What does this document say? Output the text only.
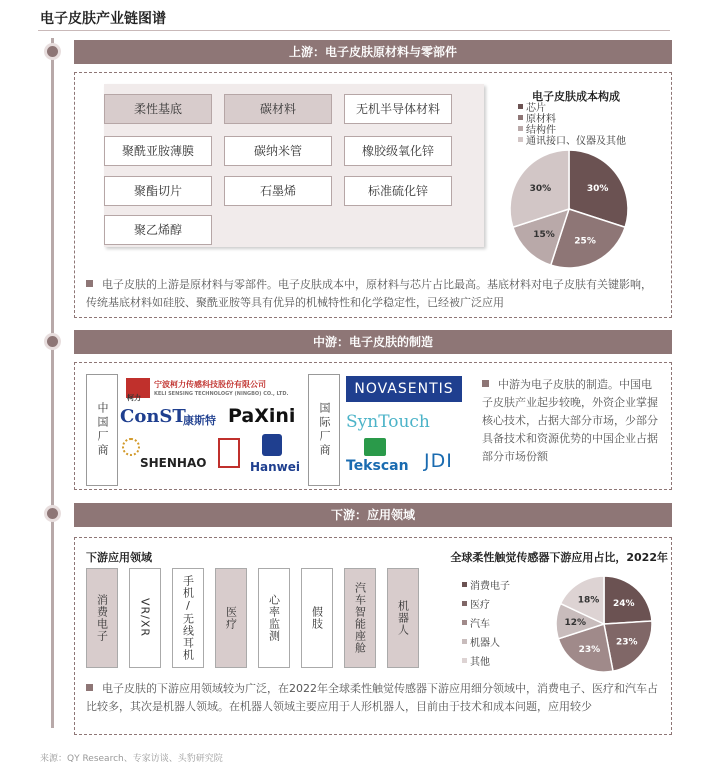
电子皮肤产业链图谱
上游：电子皮肤原材料与零部件
柔性基底	碳材料	无机半导体材料
聚酰亚胺薄膜	碳纳米管	橡胶级氧化锌
聚酯切片	石墨烯	标准硫化锌
聚乙烯醇
电子皮肤成本构成
芯片
原材料
结构件
通讯接口、仪器及其他
30%
25%
15%
30%
电子皮肤的上游是原材料与零部件。电子皮肤成本中，原材料与芯片占比最高。基底材料对电子皮肤有关键影响，传统基底材料如硅胶、聚酰亚胺等具有优异的机械特性和化学稳定性，已经被广泛应用
中游：电子皮肤的制造
中国厂商	国际厂商
柯力
宁波柯力传感科技股份有限公司
KELI SENSING TECHNOLOGY (NINGBO) CO., LTD.
ConST
康斯特 PaXini
SHENHAO	Hanwei
NOVASENTIS
SynTouch
Tekscan JDI
中游为电子皮肤的制造。中国电子皮肤产业起步较晚，外资企业掌握核心技术，占据大部分市场，少部分具备技术和资源优势的中国企业占据部分市场份额
下游：应用领域
下游应用领域
消费电子	VR/XR	手机/无线耳机	医疗	心率监测	假肢	汽车智能座舱	机器人
全球柔性触觉传感器下游应用占比，2022年
消费电子
医疗
汽车
机器人
其他
24%
23%
23%
12%
18%
电子皮肤的下游应用领域较为广泛，在2022年全球柔性触觉传感器下游应用细分领域中，消费电子、医疗和汽车占比较多，其次是机器人领域。在机器人领域主要应用于人形机器人，目前由于技术和成本问题，应用较少
来源：QY Research、专家访谈、头豹研究院
